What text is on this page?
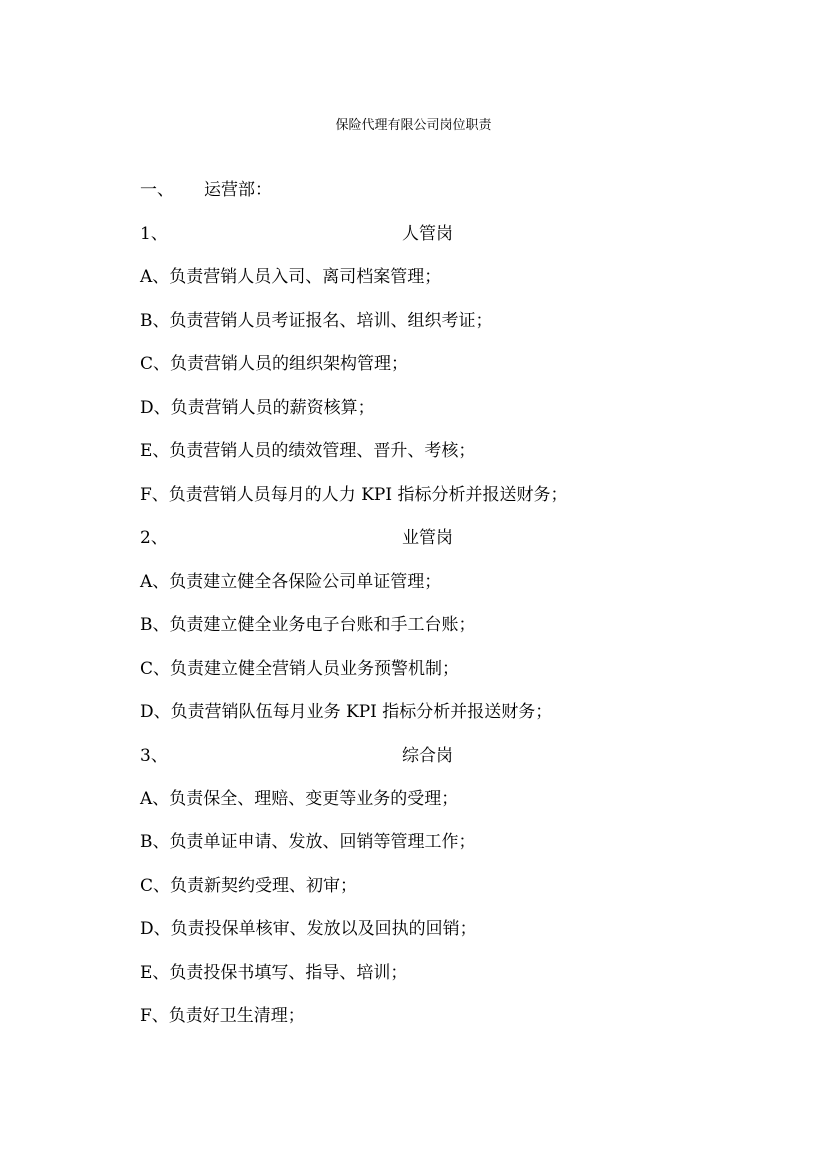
保险代理有限公司岗位职责
一、 运营部：
1、	人管岗
A、负责营销人员入司、离司档案管理；
B、负责营销人员考证报名、培训、组织考证；
C、负责营销人员的组织架构管理；
D、负责营销人员的薪资核算；
E、负责营销人员的绩效管理、晋升、考核；
F、负责营销人员每月的人力 KPI 指标分析并报送财务；
2、	业管岗
A、负责建立健全各保险公司单证管理；
B、负责建立健全业务电子台账和手工台账；
C、负责建立健全营销人员业务预警机制；
D、负责营销队伍每月业务 KPI 指标分析并报送财务；
3、	综合岗
A、负责保全、理赔、变更等业务的受理；
B、负责单证申请、发放、回销等管理工作；
C、负责新契约受理、初审；
D、负责投保单核审、发放以及回执的回销；
E、负责投保书填写、指导、培训；
F、负责好卫生清理；
